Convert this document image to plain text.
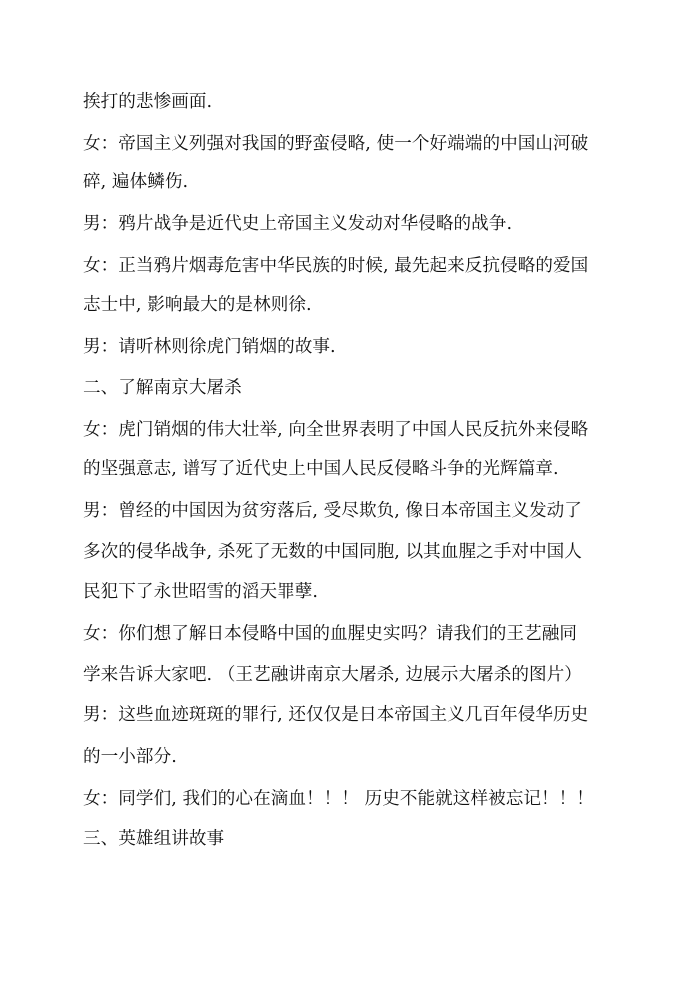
挨打的悲惨画面.
女：帝国主义列强对我国的野蛮侵略, 使一个好端端的中国山河破
碎, 遍体鳞伤.
男：鸦片战争是近代史上帝国主义发动对华侵略的战争.
女：正当鸦片烟毒危害中华民族的时候, 最先起来反抗侵略的爱国
志士中, 影响最大的是林则徐.
男：请听林则徐虎门销烟的故事.
二、了解南京大屠杀
女：虎门销烟的伟大壮举, 向全世界表明了中国人民反抗外来侵略
的坚强意志, 谱写了近代史上中国人民反侵略斗争的光辉篇章.
男：曾经的中国因为贫穷落后, 受尽欺负, 像日本帝国主义发动了
多次的侵华战争, 杀死了无数的中国同胞, 以其血腥之手对中国人
民犯下了永世昭雪的滔天罪孽.
女：你们想了解日本侵略中国的血腥史实吗？请我们的王艺融同
学来告诉大家吧. （王艺融讲南京大屠杀, 边展示大屠杀的图片）
男：这些血迹斑斑的罪行, 还仅仅是日本帝国主义几百年侵华历史
的一小部分.
女：同学们, 我们的心在滴血！！！ 历史不能就这样被忘记！！！
三、英雄组讲故事
